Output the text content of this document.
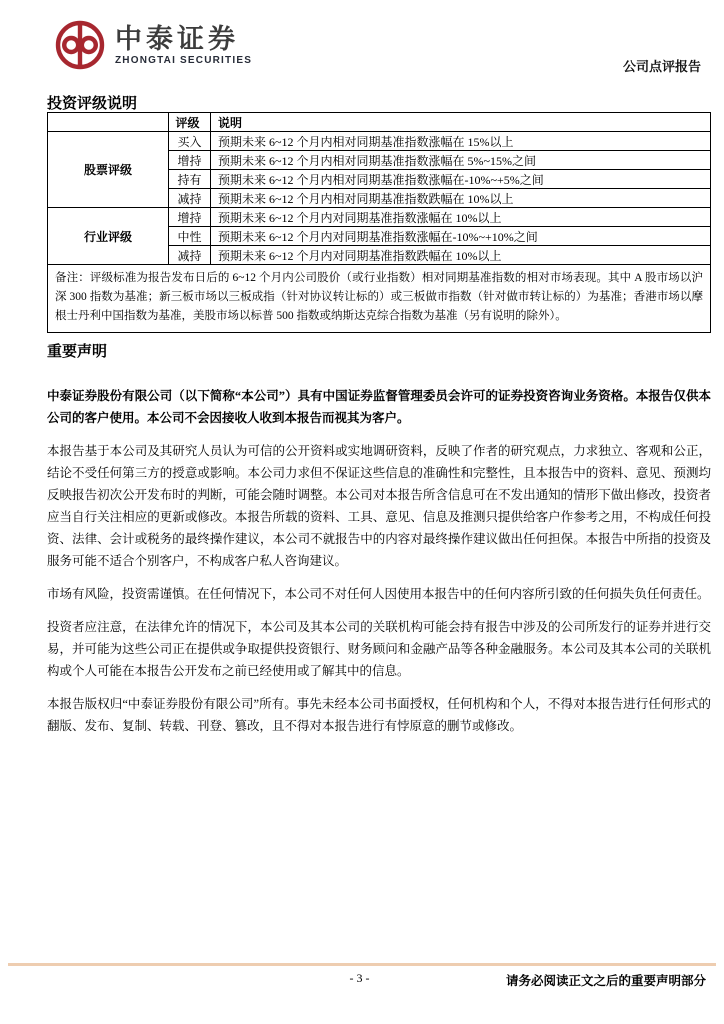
中泰证券
ZHONGTAI SECURITIES	公司点评报告
投资评级说明
	评级	说明
股票评级	买入	预期未来 6~12 个月内相对同期基准指数涨幅在 15%以上
	增持	预期未来 6~12 个月内相对同期基准指数涨幅在 5%~15%之间
	持有	预期未来 6~12 个月内相对同期基准指数涨幅在-10%~+5%之间
	减持	预期未来 6~12 个月内相对同期基准指数跌幅在 10%以上
行业评级	增持	预期未来 6~12 个月内对同期基准指数涨幅在 10%以上
	中性	预期未来 6~12 个月内对同期基准指数涨幅在-10%~+10%之间
	减持	预期未来 6~12 个月内对同期基准指数跌幅在 10%以上
备注：评级标准为报告发布日后的 6~12 个月内公司股价（或行业指数）相对同期基准指数的相对市场表现。其中 A 股市场以沪深 300 指数为基准；新三板市场以三板成指（针对协议转让标的）或三板做市指数（针对做市转让标的）为基准；香港市场以摩根士丹利中国指数为基准，美股市场以标普 500 指数或纳斯达克综合指数为基准（另有说明的除外）。		
重要声明

中泰证券股份有限公司（以下简称“本公司”）具有中国证券监督管理委员会许可的证券投资咨询业务资格。本报告仅供本公司的客户使用。本公司不会因接收人收到本报告而视其为客户。

本报告基于本公司及其研究人员认为可信的公开资料或实地调研资料，反映了作者的研究观点，力求独立、客观和公正，结论不受任何第三方的授意或影响。本公司力求但不保证这些信息的准确性和完整性，且本报告中的资料、意见、预测均反映报告初次公开发布时的判断，可能会随时调整。本公司对本报告所含信息可在不发出通知的情形下做出修改，投资者应当自行关注相应的更新或修改。本报告所载的资料、工具、意见、信息及推测只提供给客户作参考之用，不构成任何投资、法律、会计或税务的最终操作建议，本公司不就报告中的内容对最终操作建议做出任何担保。本报告中所指的投资及服务可能不适合个别客户，不构成客户私人咨询建议。

市场有风险，投资需谨慎。在任何情况下，本公司不对任何人因使用本报告中的任何内容所引致的任何损失负任何责任。

投资者应注意，在法律允许的情况下，本公司及其本公司的关联机构可能会持有报告中涉及的公司所发行的证券并进行交易，并可能为这些公司正在提供或争取提供投资银行、财务顾问和金融产品等各种金融服务。本公司及其本公司的关联机构或个人可能在本报告公开发布之前已经使用或了解其中的信息。

本报告版权归“中泰证券股份有限公司”所有。事先未经本公司书面授权，任何机构和个人，不得对本报告进行任何形式的翻版、发布、复制、转载、刊登、篡改，且不得对本报告进行有悖原意的删节或修改。

- 3 -	请务必阅读正文之后的重要声明部分
